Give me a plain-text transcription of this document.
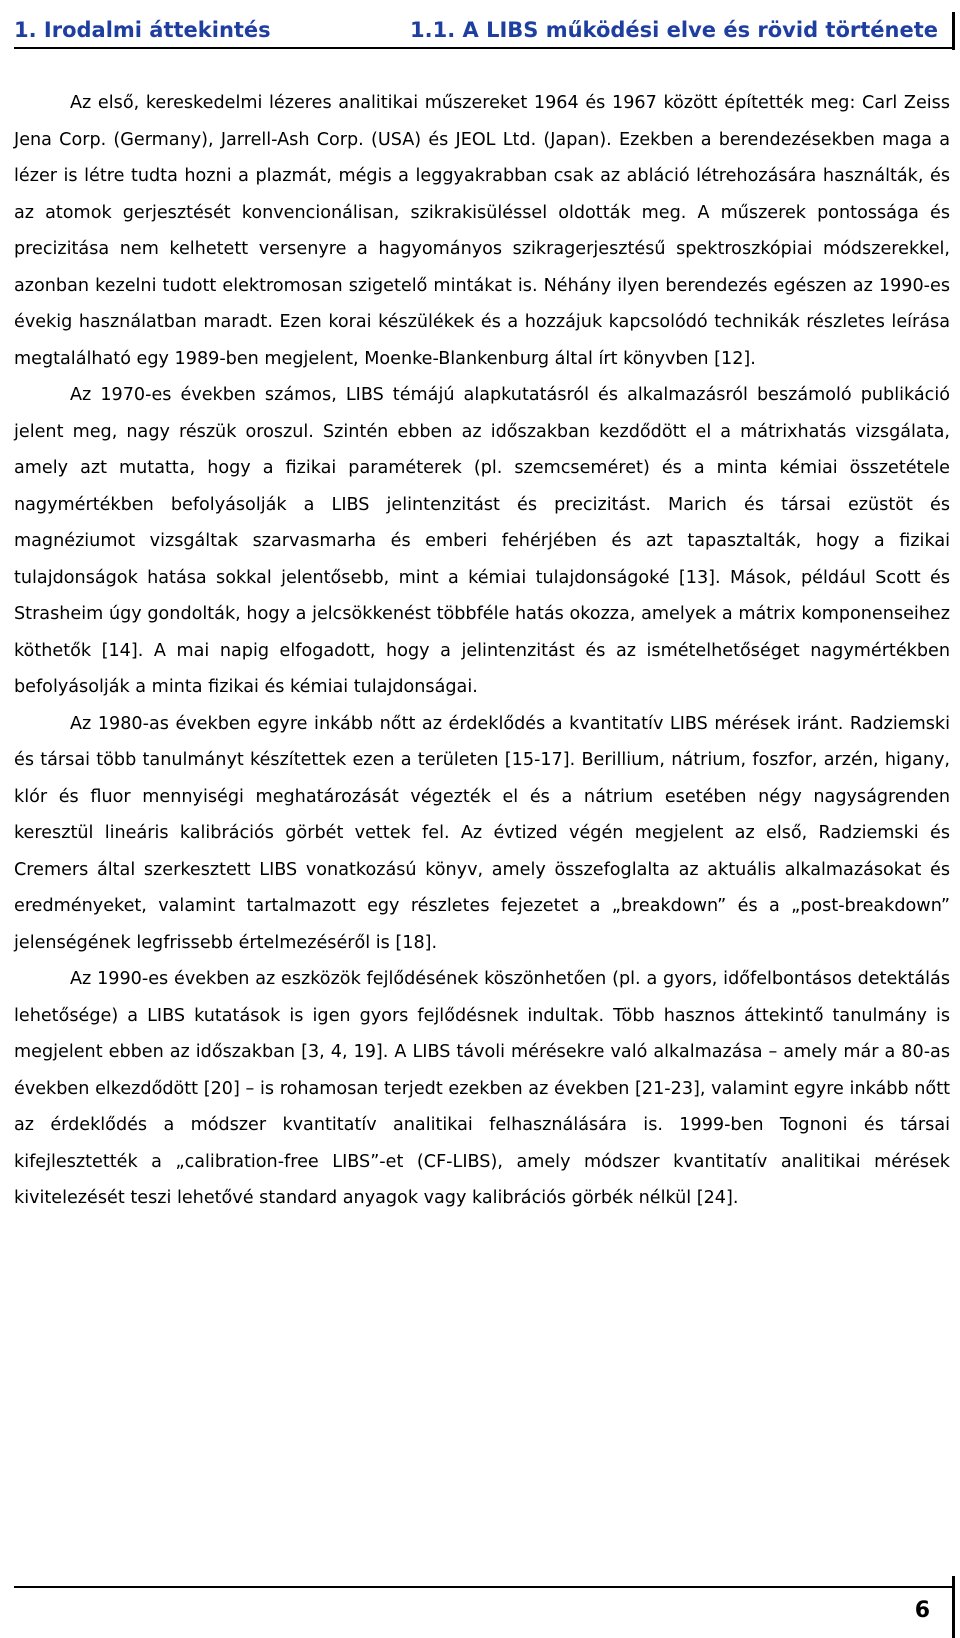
1. Irodalmi áttekintés	1.1. A LIBS működési elve és rövid története

Az első, kereskedelmi lézeres analitikai műszereket 1964 és 1967 között építették meg: Carl Zeiss Jena Corp. (Germany), Jarrell-Ash Corp. (USA) és JEOL Ltd. (Japan). Ezekben a berendezésekben maga a lézer is létre tudta hozni a plazmát, mégis a leggyakrabban csak az abláció létrehozására használták, és az atomok gerjesztését konvencionálisan, szikrakisüléssel oldották meg. A műszerek pontossága és precizitása nem kelhetett versenyre a hagyományos szikragerjesztésű spektroszkópiai módszerekkel, azonban kezelni tudott elektromosan szigetelő mintákat is. Néhány ilyen berendezés egészen az 1990-es évekig használatban maradt. Ezen korai készülékek és a hozzájuk kapcsolódó technikák részletes leírása megtalálható egy 1989-ben megjelent, Moenke-Blankenburg által írt könyvben [12].

Az 1970-es években számos, LIBS témájú alapkutatásról és alkalmazásról beszámoló publikáció jelent meg, nagy részük oroszul. Szintén ebben az időszakban kezdődött el a mátrixhatás vizsgálata, amely azt mutatta, hogy a fizikai paraméterek (pl. szemcseméret) és a minta kémiai összetétele nagymértékben befolyásolják a LIBS jelintenzitást és precizitást. Marich és társai ezüstöt és magnéziumot vizsgáltak szarvasmarha és emberi fehérjében és azt tapasztalták, hogy a fizikai tulajdonságok hatása sokkal jelentősebb, mint a kémiai tulajdonságoké [13]. Mások, például Scott és Strasheim úgy gondolták, hogy a jelcsökkenést többféle hatás okozza, amelyek a mátrix komponenseihez köthetők [14]. A mai napig elfogadott, hogy a jelintenzitást és az ismételhetőséget nagymértékben befolyásolják a minta fizikai és kémiai tulajdonságai.

Az 1980-as években egyre inkább nőtt az érdeklődés a kvantitatív LIBS mérések iránt. Radziemski és társai több tanulmányt készítettek ezen a területen [15-17]. Berillium, nátrium, foszfor, arzén, higany, klór és fluor mennyiségi meghatározását végezték el és a nátrium esetében négy nagyságrenden keresztül lineáris kalibrációs görbét vettek fel. Az évtized végén megjelent az első, Radziemski és Cremers által szerkesztett LIBS vonatkozású könyv, amely összefoglalta az aktuális alkalmazásokat és eredményeket, valamint tartalmazott egy részletes fejezetet a „breakdown” és a „post-breakdown” jelenségének legfrissebb értelmezéséről is [18].

Az 1990-es években az eszközök fejlődésének köszönhetően (pl. a gyors, időfelbontásos detektálás lehetősége) a LIBS kutatások is igen gyors fejlődésnek indultak. Több hasznos áttekintő tanulmány is megjelent ebben az időszakban [3, 4, 19]. A LIBS távoli mérésekre való alkalmazása – amely már a 80-as években elkezdődött [20] – is rohamosan terjedt ezekben az években [21-23], valamint egyre inkább nőtt az érdeklődés a módszer kvantitatív analitikai felhasználására is. 1999-ben Tognoni és társai kifejlesztették a „calibration-free LIBS”-et (CF-LIBS), amely módszer kvantitatív analitikai mérések kivitelezését teszi lehetővé standard anyagok vagy kalibrációs görbék nélkül [24].

6
